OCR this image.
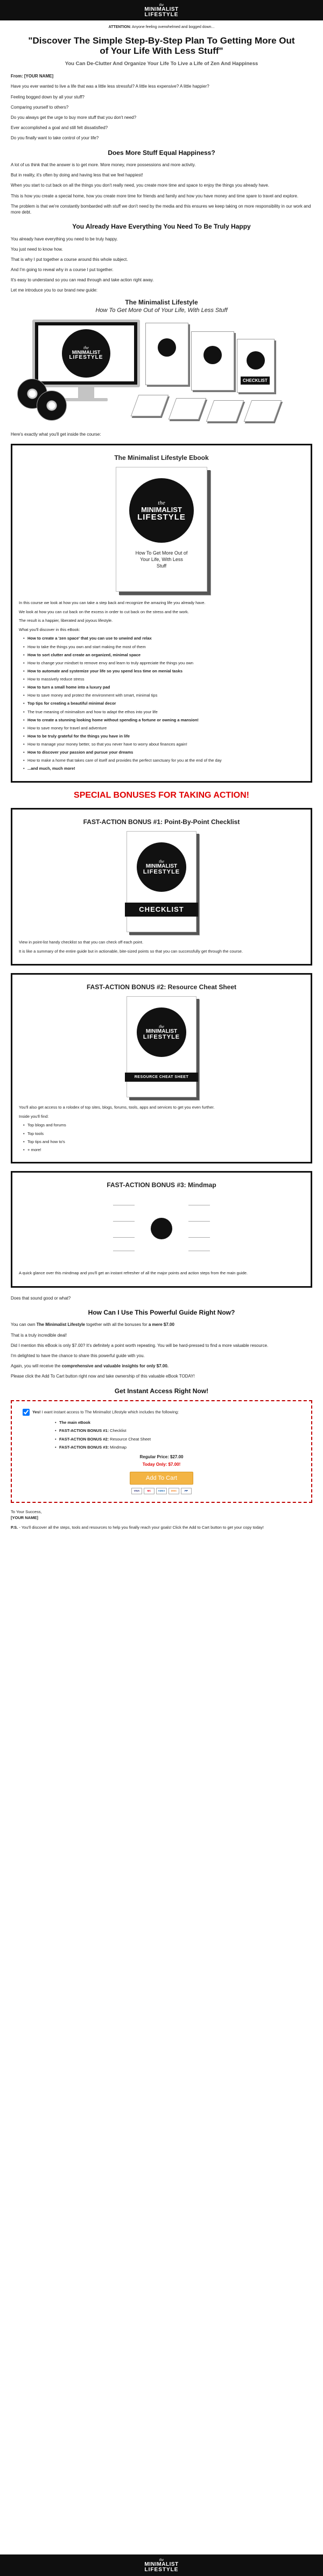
the
MINIMALIST
LIFESTYLE
ATTENTION: Anyone feeling overwhelmed and bogged down...
"Discover The Simple Step-By-Step Plan To Getting More Out of Your Life With Less Stuff"
You Can De-Clutter And Organize Your Life To Live a Life of Zen And Happiness

From: [YOUR NAME]

Have you ever wanted to live a life that was a little less stressful? A little less expensive? A little happier?

Feeling bogged down by all your stuff?

Comparing yourself to others?

Do you always get the urge to buy more stuff that you don't need?

Ever accomplished a goal and still felt dissatisfied?

Do you finally want to take control of your life?

Does More Stuff Equal Happiness?

A lot of us think that the answer is to get more. More money, more possessions and more activity.

But in reality, it's often by doing and having less that we feel happiest!

When you start to cut back on all the things you don't really need, you create more time and space to enjoy the things you already have.

This is how you create a special home, how you create more time for friends and family and how you have money and time spare to travel and explore.

The problem is that we're constantly bombarded with stuff we don't need by the media and this ensures we keep taking on more responsibility in our work and more debt.

You Already Have Everything You Need To Be Truly Happy

You already have everything you need to be truly happy.

You just need to know how.

That is why I put together a course around this whole subject.

And I'm going to reveal why in a course I put together.

It's easy to understand so you can read through and take action right away.

Let me introduce you to our brand new guide:

The Minimalist Lifestyle
How To Get More Out of Your Life, With Less Stuff
the
MINIMALIST
LIFESTYLE
CHECKLIST
Here's exactly what you'll get inside the course:
The Minimalist Lifestyle Ebook
the
MINIMALIST
LIFESTYLE
How To Get More Out of Your Life, With Less Stuff

In this course we look at how you can take a step back and recognize the amazing life you already have.

We look at how you can cut back on the excess in order to cut back on the stress and the work.

The result is a happier, liberated and joyous lifestyle.

What you'll discover in this eBook:

• How to create a 'zen space' that you can use to unwind and relax
• How to take the things you own and start making the most of them
• How to sort clutter and create an organized, minimal space
• How to change your mindset to remove envy and learn to truly appreciate the things you own
• How to automate and systemize your life so you spend less time on menial tasks
• How to massively reduce stress
• How to turn a small home into a luxury pad
• How to save money and protect the environment with smart, minimal tips
• Top tips for creating a beautiful minimal decor
• The true meaning of minimalism and how to adapt the ethos into your life
• How to create a stunning looking home without spending a fortune or owning a mansion!
• How to save money for travel and adventure
• How to be truly grateful for the things you have in life
• How to manage your money better, so that you never have to worry about finances again!
• How to discover your passion and pursue your dreams
• How to make a home that takes care of itself and provides the perfect sanctuary for you at the end of the day
• ...and much, much more!
SPECIAL BONUSES FOR TAKING ACTION!
FAST-ACTION BONUS #1: Point-By-Point Checklist
the
MINIMALIST
LIFESTYLE
CHECKLIST

View in point-list handy checklist so that you can check off each point.

It is like a summary of the entire guide but in actionable, bite-sized points so that you can successfully get through the course.

FAST-ACTION BONUS #2: Resource Cheat Sheet
the
MINIMALIST
LIFESTYLE
RESOURCE CHEAT SHEET

You'll also get access to a rolodex of top sites, blogs, forums, tools, apps and services to get you even further.

Inside you'll find:

• Top blogs and forums
• Top tools
• Top tips and how to's
• + more!
FAST-ACTION BONUS #3: Mindmap

A quick glance over this mindmap and you'll get an instant refresher of all the major points and action steps from the main guide.

Does that sound good or what?
How Can I Use This Powerful Guide Right Now?

You can own The Minimalist Lifestyle together with all the bonuses for a mere $7.00

That is a truly incredible deal!

Did I mention this eBook is only $7.00? It's definitely a point worth repeating. You will be hard-pressed to find a more valuable resource.

I'm delighted to have the chance to share this powerful guide with you.

Again, you will receive the comprehensive and valuable insights for only $7.00.

Please click the Add To Cart button right now and take ownership of this valuable eBook TODAY!

Get Instant Access Right Now!
Yes! I want instant access to The Minimalist Lifestyle which includes the following:
• The main eBook
• FAST-ACTION BONUS #1: Checklist
• FAST-ACTION BONUS #2: Resource Cheat Sheet
• FAST-ACTION BONUS #3: Mindmap
Regular Price: $27.00
Today Only: $7.00!
Add To Cart
VISA	MC	AMEX	DISC	PP
To Your Success,
[YOUR NAME]
P.S. - You'll discover all the steps, tools and resources to help you finally reach your goals! Click the Add to Cart button to get your copy today!
the
MINIMALIST
LIFESTYLE
